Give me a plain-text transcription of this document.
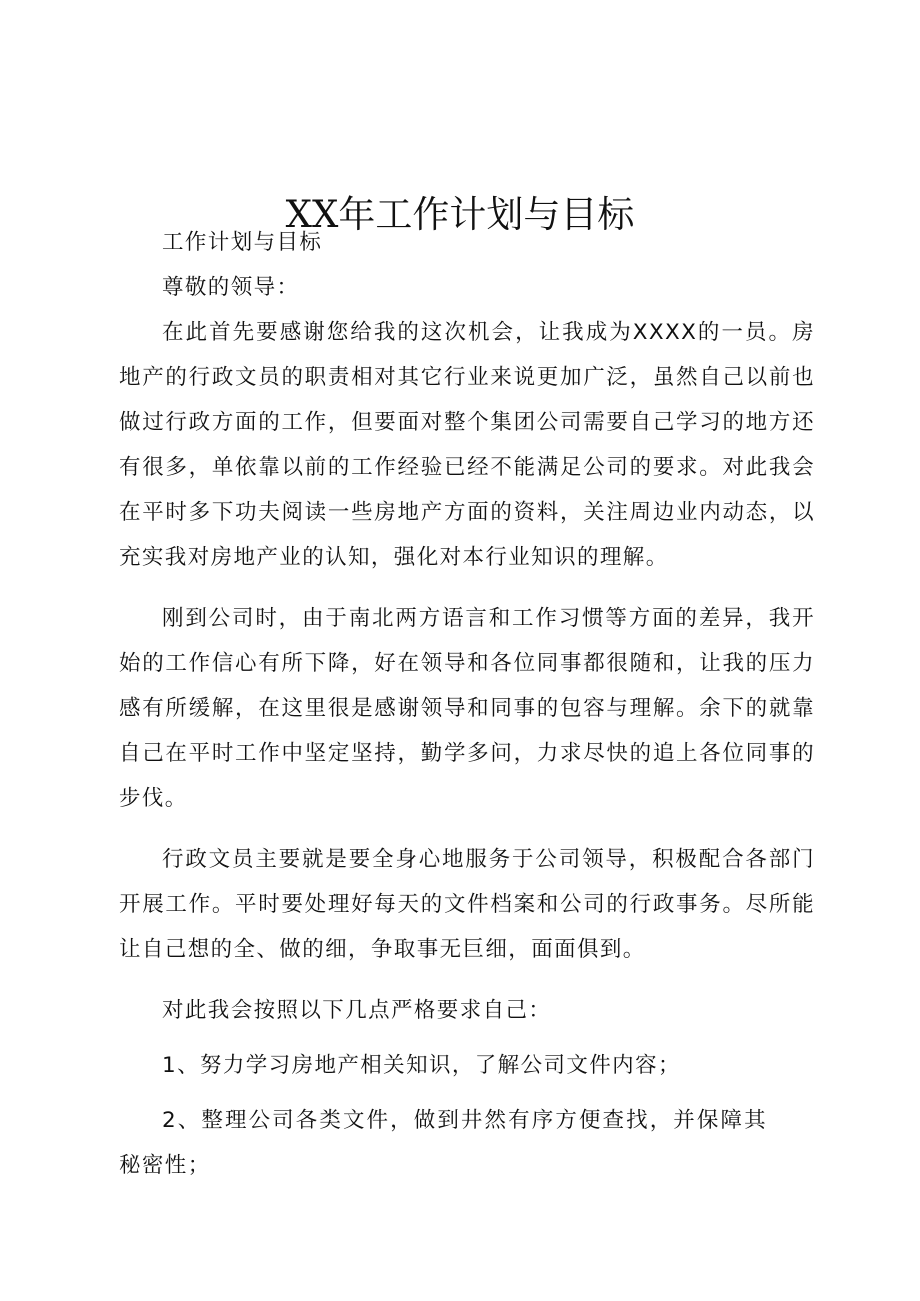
XX年工作计划与目标

工作计划与目标

尊敬的领导：

在此首先要感谢您给我的这次机会，让我成为XXXX的一员。房地产的行政文员的职责相对其它行业来说更加广泛，虽然自己以前也做过行政方面的工作，但要面对整个集团公司需要自己学习的地方还有很多，单依靠以前的工作经验已经不能满足公司的要求。对此我会在平时多下功夫阅读一些房地产方面的资料，关注周边业内动态，以充实我对房地产业的认知，强化对本行业知识的理解。

刚到公司时，由于南北两方语言和工作习惯等方面的差异，我开始的工作信心有所下降，好在领导和各位同事都很随和，让我的压力感有所缓解，在这里很是感谢领导和同事的包容与理解。余下的就靠自己在平时工作中坚定坚持，勤学多问，力求尽快的追上各位同事的步伐。

行政文员主要就是要全身心地服务于公司领导，积极配合各部门开展工作。平时要处理好每天的文件档案和公司的行政事务。尽所能让自己想的全、做的细，争取事无巨细，面面俱到。

对此我会按照以下几点严格要求自己：

1、努力学习房地产相关知识，了解公司文件内容；

2、整理公司各类文件，做到井然有序方便查找，并保障其秘密性；
